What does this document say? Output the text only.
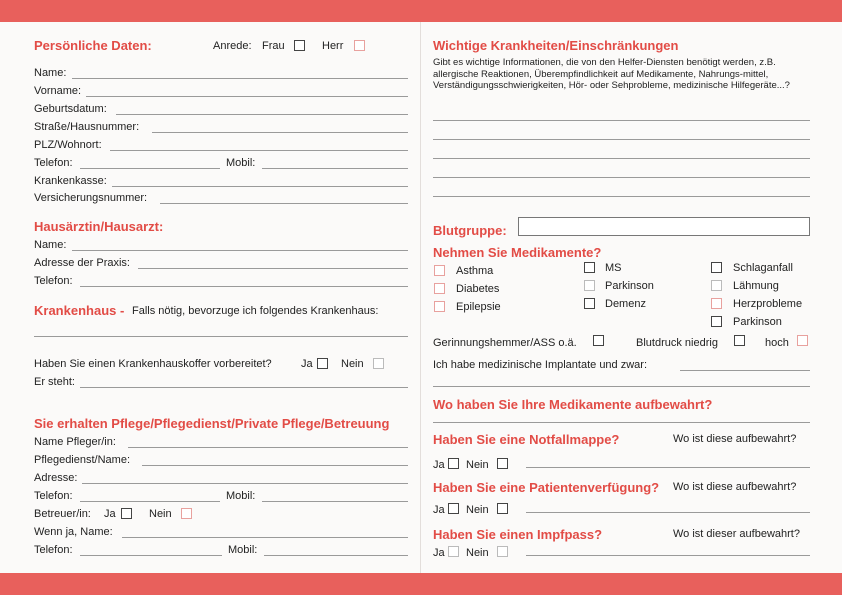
Persönliche Daten:	Anrede: Frau	Herr
Name:
Vorname:
Geburtsdatum:
Straße/Hausnummer:
PLZ/Wohnort:
Telefon:	Mobil:
Krankenkasse:
Versicherungsnummer:
Hausärztin/Hausarzt:
Name:
Adresse der Praxis:
Telefon:
Krankenhaus - Falls nötig, bevorzuge ich folgendes Krankenhaus:
Haben Sie einen Krankenhauskoffer vorbereitet?	Ja	Nein
Er steht:
Sie erhalten Pflege/Pflegedienst/Private Pflege/Betreuung
Name Pfleger/in:
Pflegedienst/Name:
Adresse:
Telefon:	Mobil:
Betreuer/in: Ja	Nein
Wenn ja, Name:
Telefon:	Mobil:
Wichtige Krankheiten/Einschränkungen
Gibt es wichtige Informationen, die von den Helfer-Diensten benötigt werden, z.B. allergische Reaktionen, Überempfindlichkeit auf Medikamente, Nahrungs-mittel, Verständigungsschwierigkeiten, Hör- oder Sehprobleme, medizinische Hilfegeräte...?
Blutgruppe:
Nehmen Sie Medikamente?
Asthma
Diabetes
Epilepsie
MS
Parkinson
Demenz
Schlaganfall
Lähmung
Herzprobleme
Parkinson
Gerinnungshemmer/ASS o.ä.	Blutdruck niedrig	hoch
Ich habe medizinische Implantate und zwar:
Wo haben Sie Ihre Medikamente aufbewahrt?
Haben Sie eine Notfallmappe?	Wo ist diese aufbewahrt?
Ja Nein
Haben Sie eine Patientenverfügung? Wo ist diese aufbewahrt?
Ja Nein
Haben Sie einen Impfpass?	Wo ist dieser aufbewahrt?
Ja Nein
